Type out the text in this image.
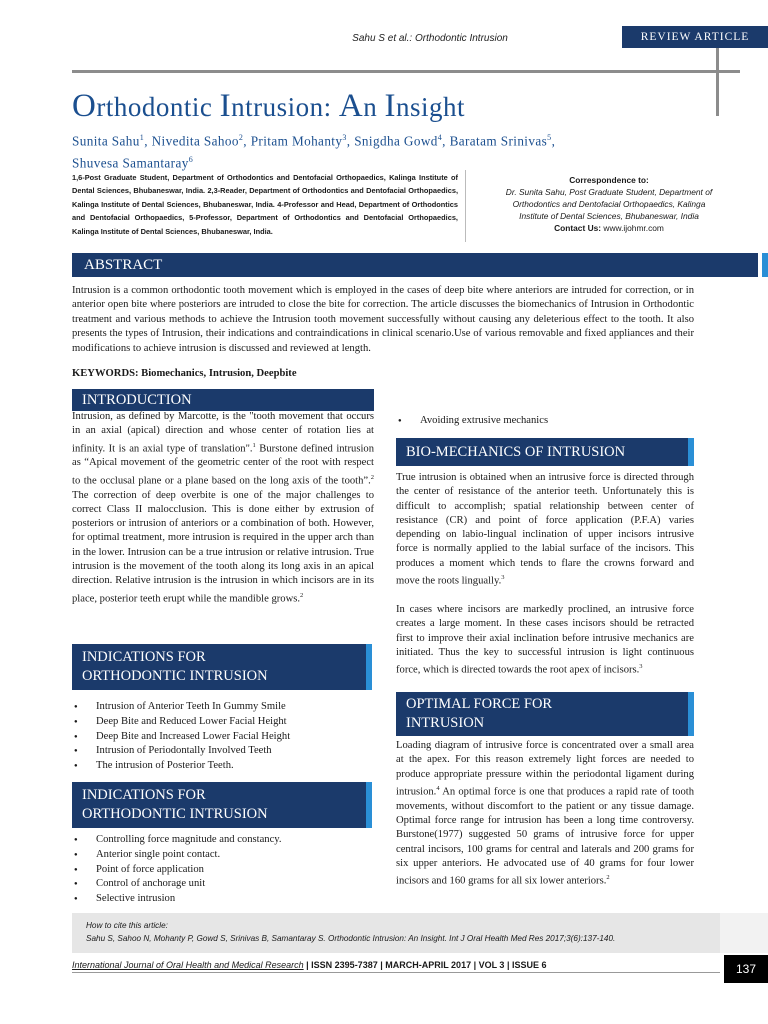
Sahu S et al.: Orthodontic Intrusion	REVIEW ARTICLE
Orthodontic Intrusion: An Insight
Sunita Sahu$^1$, Nivedita Sahoo$^2$, Pritam Mohanty$^3$, Snigdha Gowd$^4$, Baratam Srinivas$^5$,
Shuvesa Samantaray$^6$
1,6-Post Graduate Student, Department of Orthodontics and Dentofacial Orthopaedics, Kalinga Institute of Dental Sciences, Bhubaneswar, India. 2,3-Reader, Department of Orthodontics and Dentofacial Orthopaedics, Kalinga Institute of Dental Sciences, Bhubaneswar, India. 4-Professor and Head, Department of Orthodontics and Dentofacial Orthopaedics, 5-Professor, Department of Orthodontics and Dentofacial Orthopaedics, Kalinga Institute of Dental Sciences, Bhubaneswar, India.
Correspondence to:
Dr. Sunita Sahu, Post Graduate Student, Department of
Orthodontics and Dentofacial Orthopaedics, Kalinga
Institute of Dental Sciences, Bhubaneswar, India
Contact Us: www.ijohmr.com
ABSTRACT
Intrusion is a common orthodontic tooth movement which is employed in the cases of deep bite where anteriors are intruded for correction, or in anterior open bite where posteriors are intruded to close the bite for correction. The article discusses the biomechanics of Intrusion in Orthodontic treatment and various methods to achieve the Intrusion tooth movement successfully without causing any deleterious effect to the tooth. It also presents the types of Intrusion, their indications and contraindications in clinical scenario.Use of various removable and fixed appliances and their modifications to achieve intrusion is discussed and reviewed at length.
KEYWORDS: Biomechanics, Intrusion, Deepbite
INTRODUCTION
Intrusion, as defined by Marcotte, is the "tooth movement that occurs in an axial (apical) direction and whose center of rotation lies at infinity. It is an axial type of translation".$^1$ Burstone defined intrusion as “Apical movement of the geometric center of the root with respect to the occlusal plane or a plane based on the long axis of the tooth”.$^2$ The correction of deep overbite is one of the major challenges to correct Class II malocclusion. This is done either by extrusion of posteriors or intrusion of anteriors or a combination of both. However, for optimal treatment, more intrusion is required in the upper arch than in the lower. Intrusion can be a true intrusion or relative intrusion. True intrusion is the movement of the tooth along its long axis in an apical direction. Relative intrusion is the intrusion in which incisors are in its place, posterior teeth erupt while the mandible grows.$^2$
INDICATIONS FOR
ORTHODONTIC INTRUSION
● Intrusion of Anterior Teeth In Gummy Smile
● Deep Bite and Reduced Lower Facial Height
● Deep Bite and Increased Lower Facial Height
● Intrusion of Periodontally Involved Teeth
● The intrusion of Posterior Teeth.
INDICATIONS FOR
ORTHODONTIC INTRUSION
● Controlling force magnitude and constancy.
● Anterior single point contact.
● Point of force application
● Control of anchorage unit
● Selective intrusion
● Avoiding extrusive mechanics
BIO-MECHANICS OF INTRUSION
True intrusion is obtained when an intrusive force is directed through the center of resistance of the anterior teeth. Unfortunately this is difficult to accomplish; spatial relationship between center of resistance (CR) and point of force application (P.F.A) varies depending on labio-lingual inclination of upper incisors intrusive force is normally applied to the labial surface of the incisors. This produces a moment which tends to flare the crowns forward and move the roots lingually.$^3$
In cases where incisors are markedly proclined, an intrusive force creates a large moment. In these cases incisors should be retracted first to improve their axial inclination before intrusive mechanics are initiated. Thus the key to successful intrusion is light continuous force, which is directed towards the root apex of incisors.$^3$
OPTIMAL FORCE FOR
INTRUSION
Loading diagram of intrusive force is concentrated over a small area at the apex. For this reason extremely light forces are needed to produce appropriate pressure within the periodontal ligament during intrusion.$^4$ An optimal force is one that produces a rapid rate of tooth movements, without discomfort to the patient or any tissue damage. Optimal force range for intrusion has been a long time controversy. Burstone(1977) suggested 50 grams of intrusive force for upper central incisors, 100 grams for central and laterals and 200 grams for six upper anteriors. He advocated use of 40 grams for four lower incisors and 160 grams for all six lower anteriors.$^2$
How to cite this article:
Sahu S, Sahoo N, Mohanty P, Gowd S, Srinivas B, Samantaray S. Orthodontic Intrusion: An Insight. Int J Oral Health Med Res 2017;3(6):137-140.
International Journal of Oral Health and Medical Research | ISSN 2395-7387 | MARCH-APRIL 2017 | VOL 3 | ISSUE 6	137
